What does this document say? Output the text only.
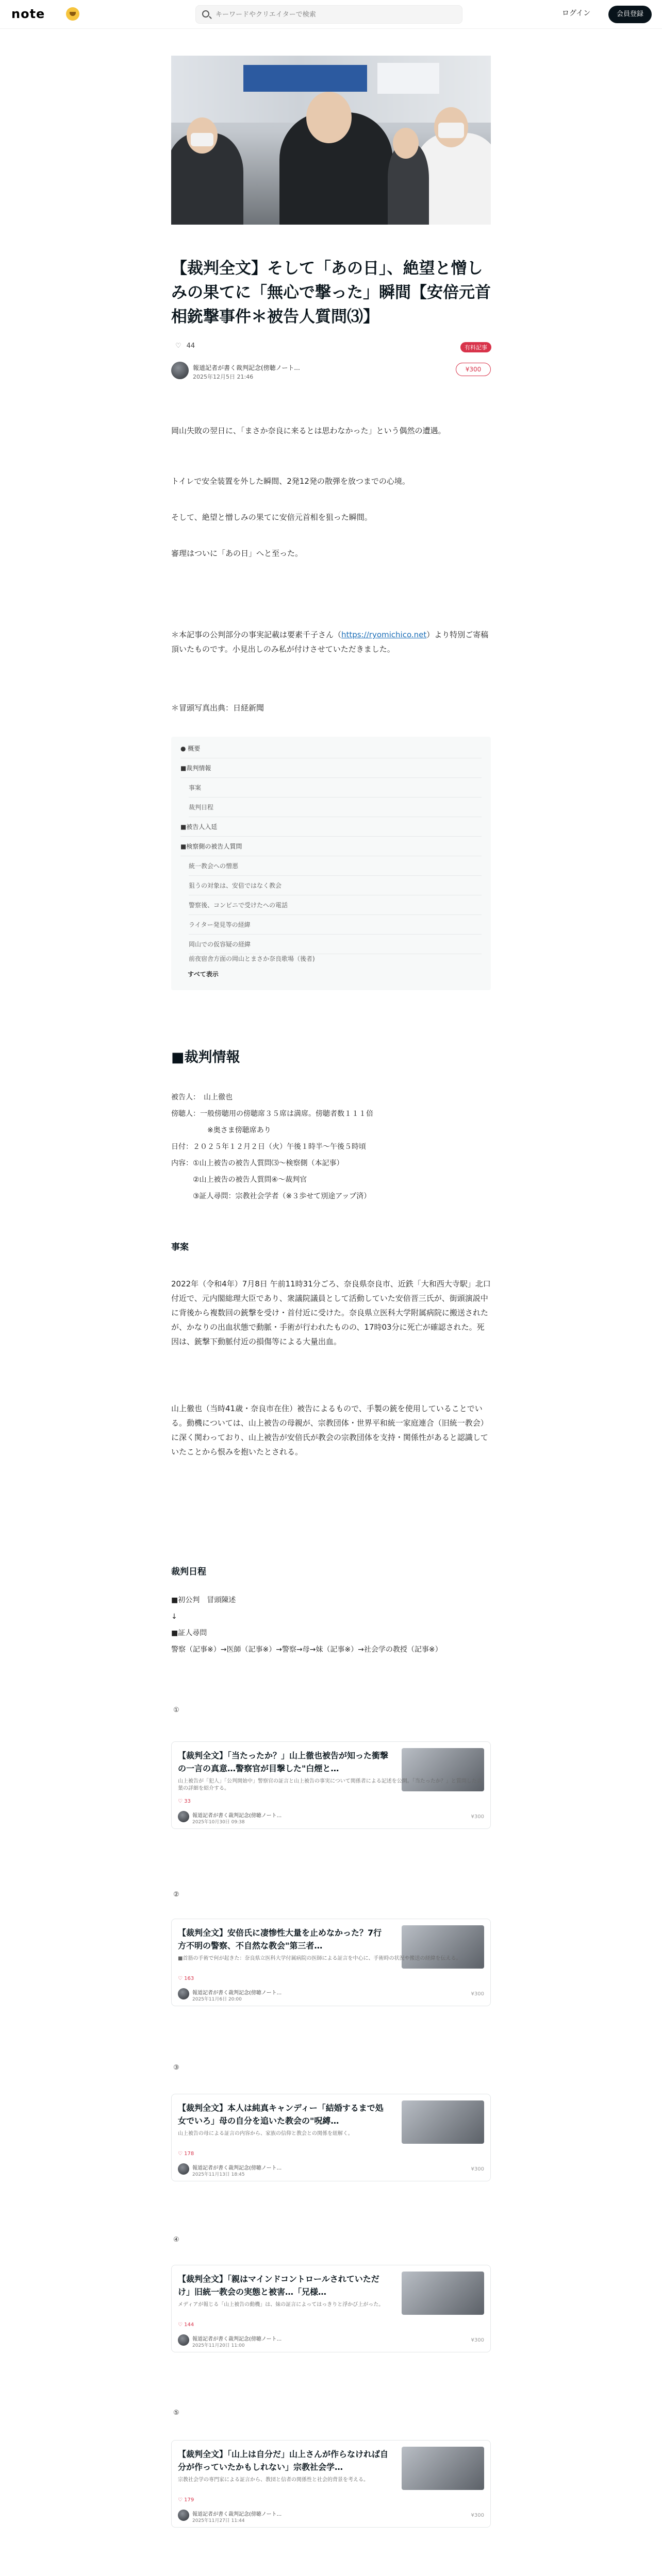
note
キーワードやクリエイターで検索	ログイン	会員登録
【裁判全文】そして「あの日」、絶望と憎しみの果てに「無心で撃った」瞬間【安倍元首相銃撃事件＊被告人質問⑶】
♡ 44	有料記事
報道記者が書く裁判記念(傍聴ノート...
2025年12月5日 21:46
¥300
岡山失敗の翌日に、「まさか奈良に来るとは思わなかった」という偶然の遭遇。
トイレで安全装置を外した瞬間、2発12発の散弾を放つまでの心境。
そして、絶望と憎しみの果てに安倍元首相を狙った瞬間。
審理はついに「あの日」へと至った。
＊本記事の公判部分の事実記載は要素千子さん（https://ryomichico.net）より特別ご寄稿頂いたものです。小見出しのみ私が付けさせていただきました。
＊冒頭写真出典：日経新聞
● 概要
■裁判情報
事案
裁判日程
■被告人入廷
■検察側の被告人質問
統一教会への憎悪
狙うの対象は、安倍ではなく教会
警察後、コンビニで受けたへの電話
ライター発見等の経緯
岡山での仮容疑の経緯
前夜宿舎方面の岡山とまさか奈良歌場（後者)
すべて表示
■裁判情報
被告人：　山上徹也
傍聴人：一般傍聴用の傍聴席３５席は満席。傍聴者数１１１倍
　　　　　※奥さま傍聴席あり
日付：２０２５年１２月２日（火）午後１時半〜午後５時頃
内容：①山上被告の被告人質問⑶〜検察側（本記事）
　　　②山上被告の被告人質問④〜裁判官
　　　③証人尋問：宗教社会学者（※３歩せて別途アップ済）
事案
2022年（令和4年）7月8日 午前11時31分ごろ、奈良県奈良市、近鉄「大和西大寺駅」北口付近で、元内閣総理大臣であり、衆議院議員として活動していた安倍晋三氏が、街頭演説中に背後から複数回の銃撃を受け・首付近に受けた。奈良県立医科大学附属病院に搬送されたが、かなりの出血状態で動脈・手術が行われたものの、17時03分に死亡が確認された。死因は、銃撃下動脈付近の損傷等による大量出血。
山上徹也（当時41歳・奈良市在住）被告によるもので、手製の銃を使用していることでいる。動機については、山上被告の母親が、宗教団体・世界平和統一家庭連合（旧統一教会）に深く関わっており、山上被告が安倍氏が教会の宗教団体を支持・関係性があると認識していたことから恨みを抱いたとされる。
裁判日程
■初公判　冒頭陳述
↓
■証人尋問
警察（記事※）→医師（記事※）→警察→母→妹（記事※）→社会学の教授（記事※）
①
②
③
④
⑤
【裁判全文】「当たったか？」山上徹也被告が知った衝撃の一言の真意…警察官が目撃した"白煙と…
山上被告が「犯人」「公判開始中」警察官の証言と山上被告の事実について関係者による記述を公開。「当たったか？」と質問した言葉の詳細を紹介する。
♡ 33
報道記者が書く裁判記念(傍聴ノート...
2025年10月30日 09:38
¥300
【裁判全文】安倍氏に凄惨性大量を止めなかった？7行方不明の警察、不自然な教会"第三者…
■首筋の手術で何が起きた：奈良県立医科大学付属病院の医師による証言を中心に、手術時の状況や搬送の経緯を伝える。
♡ 163
報道記者が書く裁判記念(傍聴ノート...
2025年11月6日 20:00
¥300
【裁判全文】本人は純真キャンディー「結婚するまで処女でいろ」母の自分を追いた教会の"呪縛…
山上被告の母による証言の内容から、家族の信仰と教会との関係を紐解く。
♡ 178
報道記者が書く裁判記念(傍聴ノート...
2025年11月13日 18:45
¥300
【裁判全文】「親はマインドコントロールされていただけ」旧統一教会の実態と被害…「兄様…
メディアが報じる「山上被告の動機」は、妹の証言によってはっきりと浮かび上がった。
♡ 144
報道記者が書く裁判記念(傍聴ノート...
2025年11月20日 11:00
¥300
【裁判全文】「山上は自分だ」山上さんが作らなければ自分が作っていたかもしれない」宗教社会学…
宗教社会学の専門家による証言から、教団と信者の関係性と社会的背景を考える。
♡ 179
報道記者が書く裁判記念(傍聴ノート...
2025年11月27日 11:44
¥300
